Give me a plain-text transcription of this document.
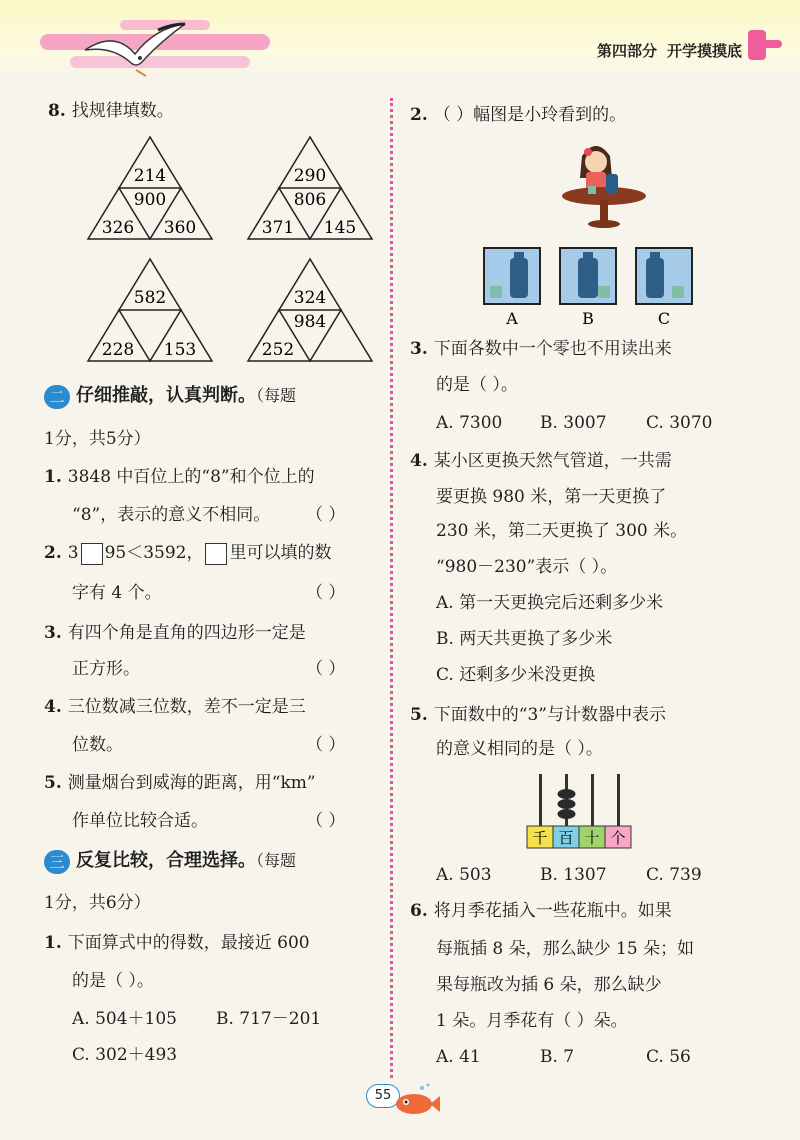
第四部分 开学摸摸底
8. 找规律填数。
214
900
326 360
290
806
371 145
582
228 153
324
984
252
二 仔细推敲，认真判断。（每题
1分，共5分）
1. 3848 中百位上的“8”和个位上的
“8”，表示的意义不相同。 （ ）
2. 3 95＜3592， 里可以填的数
字有 4 个。	（ ）
3. 有四个角是直角的四边形一定是
正方形。	（ ）
4. 三位数减三位数，差不一定是三
位数。	（ ）
5. 测量烟台到威海的距离，用“km”
作单位比较合适。	（ ）
三 反复比较，合理选择。（每题
1分，共6分）
1. 下面算式中的得数，最接近 600
的是（ ）。
A. 504＋105 B. 717－201
C. 302＋493
2. （ ）幅图是小玲看到的。
A	B	C
3. 下面各数中一个零也不用读出来
的是（ ）。
A. 7300 B. 3007 C. 3070
4. 某小区更换天然气管道，一共需
要更换 980 米，第一天更换了
230 米，第二天更换了 300 米。
“980－230”表示（ ）。
A. 第一天更换完后还剩多少米
B. 两天共更换了多少米
C. 还剩多少米没更换
5. 下面数中的“3”与计数器中表示
的意义相同的是（ ）。
千 百 十 个
A. 503	B. 1307 C. 739
6. 将月季花插入一些花瓶中。如果
每瓶插 8 朵，那么缺少 15 朵；如
果每瓶改为插 6 朵，那么缺少
1 朵。月季花有（ ）朵。
A. 41	B. 7	C. 56
55
